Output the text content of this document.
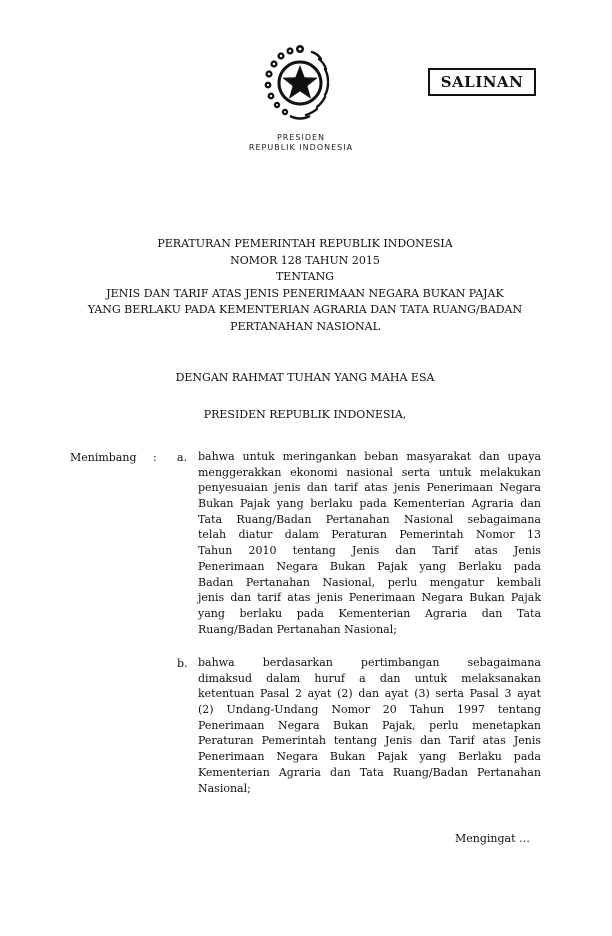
PRESIDEN
REPUBLIK INDONESIA
SALINAN
PERATURAN PEMERINTAH REPUBLIK INDONESIA
NOMOR 128 TAHUN 2015
TENTANG
JENIS DAN TARIF ATAS JENIS PENERIMAAN NEGARA BUKAN PAJAK
YANG BERLAKU PADA KEMENTERIAN AGRARIA DAN TATA RUANG/BADAN
PERTANAHAN NASIONAL
DENGAN RAHMAT TUHAN YANG MAHA ESA
PRESIDEN REPUBLIK INDONESIA,
Menimbang : a. bahwa untuk meringankan beban masyarakat dan upaya
menggerakkan ekonomi nasional serta untuk melakukan
penyesuaian jenis dan tarif atas jenis Penerimaan Negara
Bukan Pajak yang berlaku pada Kementerian Agraria dan
Tata Ruang/Badan Pertanahan Nasional sebagaimana
telah diatur dalam Peraturan Pemerintah Nomor 13
Tahun 2010 tentang Jenis dan Tarif atas Jenis
Penerimaan Negara Bukan Pajak yang Berlaku pada
Badan Pertanahan Nasional, perlu mengatur kembali
jenis dan tarif atas jenis Penerimaan Negara Bukan Pajak
yang berlaku pada Kementerian Agraria dan Tata
Ruang/Badan Pertanahan Nasional;
b. bahwa berdasarkan pertimbangan sebagaimana
dimaksud dalam huruf a dan untuk melaksanakan
ketentuan Pasal 2 ayat (2) dan ayat (3) serta Pasal 3 ayat
(2) Undang-Undang Nomor 20 Tahun 1997 tentang
Penerimaan Negara Bukan Pajak, perlu menetapkan
Peraturan Pemerintah tentang Jenis dan Tarif atas Jenis
Penerimaan Negara Bukan Pajak yang Berlaku pada
Kementerian Agraria dan Tata Ruang/Badan Pertanahan
Nasional;
Mengingat …
